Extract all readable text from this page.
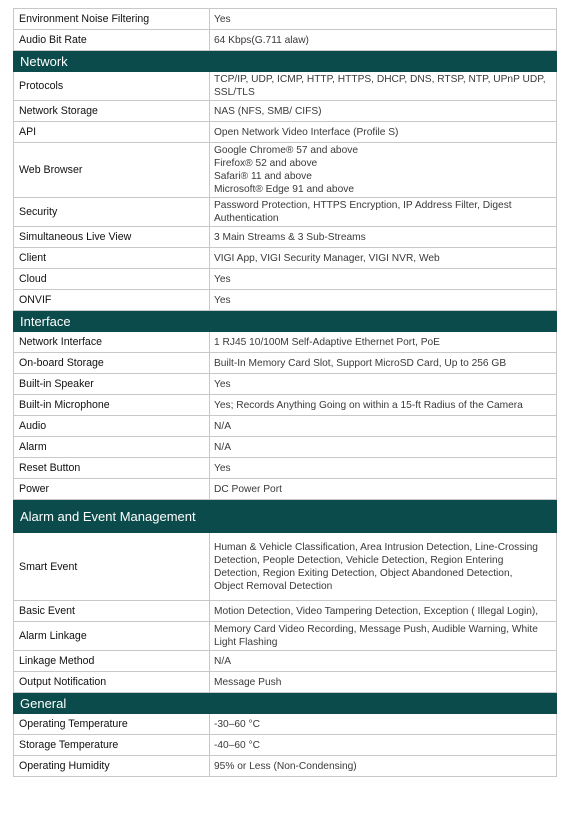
Environment Noise Filtering	Yes

Audio Bit Rate	64 Kbps(G.711 alaw)

Network	
Protocols	TCP/IP, UDP, ICMP, HTTP, HTTPS, DHCP, DNS, RTSP, NTP, UPnP UDP,
SSL/TLS

Network Storage	NAS (NFS, SMB/ CIFS)

API	Open Network Video Interface (Profile S)

Web Browser	Google Chrome® 57 and above
Firefox® 52 and above
Safari® 11 and above
Microsoft® Edge 91 and above

Security	Password Protection, HTTPS Encryption, IP Address Filter, Digest
Authentication

Simultaneous Live View	3 Main Streams & 3 Sub-Streams

Client	VIGI App, VIGI Security Manager, VIGI NVR, Web

Cloud	Yes

ONVIF	Yes

Interface	
Network Interface	1 RJ45 10/100M Self-Adaptive Ethernet Port, PoE

On-board Storage	Built-In Memory Card Slot, Support MicroSD Card, Up to 256 GB

Built-in Speaker	Yes

Built-in Microphone	Yes; Records Anything Going on within a 15-ft Radius of the Camera

Audio	N/A

Alarm	N/A

Reset Button	Yes

Power	DC Power Port

Alarm and Event Management	
Smart Event	Human & Vehicle Classification, Area Intrusion Detection, Line-Crossing
Detection, People Detection, Vehicle Detection, Region Entering
Detection, Region Exiting Detection, Object Abandoned Detection,
Object Removal Detection

Basic Event	Motion Detection, Video Tampering Detection, Exception ( Illegal Login),

Alarm Linkage	Memory Card Video Recording, Message Push, Audible Warning, White
Light Flashing

Linkage Method	N/A

Output Notification	Message Push

General	
Operating Temperature	-30–60 °C

Storage Temperature	-40–60 °C

Operating Humidity	95% or Less (Non-Condensing)
